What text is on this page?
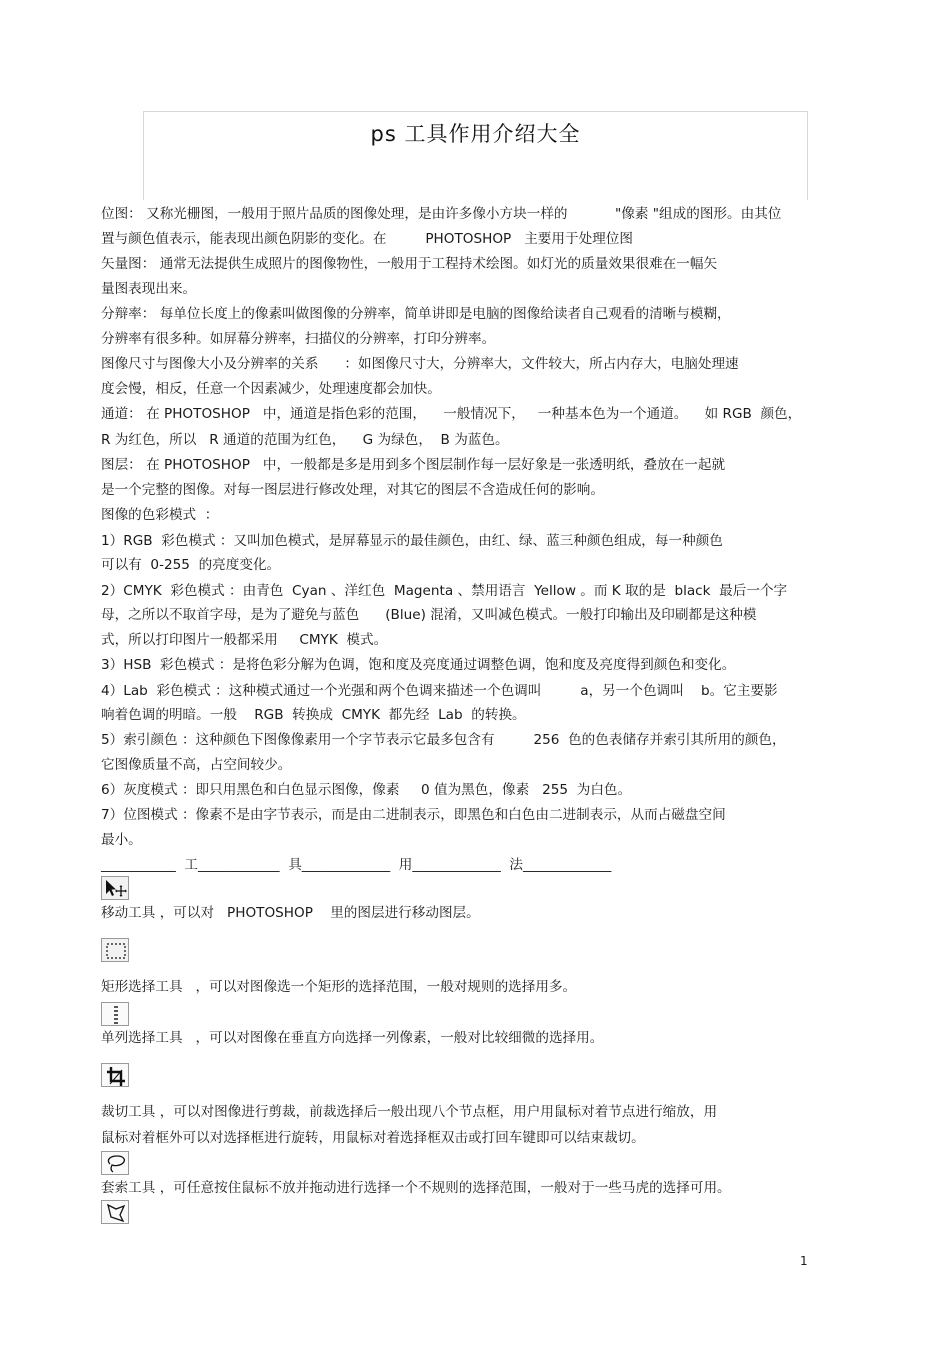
ps 工具作用介绍大全
位图： 又称光栅图，一般用于照片品质的图像处理，是由许多像小方块一样的           "像素 "组成的图形。由其位
置与颜色值表示，能表现出颜色阴影的变化。在         PHOTOSHOP   主要用于处理位图
矢量图： 通常无法提供生成照片的图像物性，一般用于工程持术绘图。如灯光的质量效果很难在一幅矢
量图表现出来。
分辩率： 每单位长度上的像素叫做图像的分辨率，简单讲即是电脑的图像给读者自己观看的清晰与模糊，
分辨率有很多种。如屏幕分辨率，扫描仪的分辨率，打印分辨率。
图像尺寸与图像大小及分辨率的关系      ：如图像尺寸大，分辨率大，文件较大，所占内存大，电脑处理速
度会慢，相反，任意一个因素减少，处理速度都会加快。
通道： 在 PHOTOSHOP   中，通道是指色彩的范围，    一般情况下，   一种基本色为一个通道。    如 RGB  颜色，
R 为红色，所以   R 通道的范围为红色，    G 为绿色，  B 为蓝色。
图层： 在 PHOTOSHOP   中，一般都是多是用到多个图层制作每一层好象是一张透明纸，叠放在一起就
是一个完整的图像。对每一图层进行修改处理，对其它的图层不含造成任何的影响。
图像的色彩模式  ：
1）RGB  彩色模式 ：又叫加色模式，是屏幕显示的最佳颜色，由红、绿、蓝三种颜色组成，每一种颜色
可以有  0-255  的亮度变化。
2）CMYK  彩色模式 ：由青色  Cyan 、洋红色  Magenta 、禁用语言  Yellow 。而 K 取的是  black  最后一个字
母，之所以不取首字母，是为了避免与蓝色      (Blue) 混淆，又叫减色模式。一般打印输出及印刷都是这种模
式，所以打印图片一般都采用     CMYK  模式。
3）HSB  彩色模式 ：是将色彩分解为色调，饱和度及亮度通过调整色调，饱和度及亮度得到颜色和变化。
4）Lab  彩色模式 ：这种模式通过一个光强和两个色调来描述一个色调叫         a，另一个色调叫    b。它主要影
响着色调的明暗。一般    RGB  转换成  CMYK  都先经  Lab  的转换。
5）索引颜色 ：这种颜色下图像像素用一个字节表示它最多包含有         256  色的色表储存并索引其所用的颜色，
它图像质量不高，占空间较少。
6）灰度模式 ：即只用黑色和白色显示图像，像素     0 值为黑色，像素   255  为白色。
7）位图模式 ：像素不是由字节表示，而是由二进制表示，即黑色和白色由二进制表示，从而占磁盘空间
最小。
___________  工____________  具_____________  用_____________  法_____________
移动工具 ，可以对   PHOTOSHOP    里的图层进行移动图层。
矩形选择工具   ，可以对图像选一个矩形的选择范围，一般对规则的选择用多。
单列选择工具   ，可以对图像在垂直方向选择一列像素，一般对比较细微的选择用。
裁切工具 ，可以对图像进行剪裁，前裁选择后一般出现八个节点框，用户用鼠标对着节点进行缩放，用
鼠标对着框外可以对选择框进行旋转，用鼠标对着选择框双击或打回车键即可以结束裁切。
套索工具 ，可任意按住鼠标不放并拖动进行选择一个不规则的选择范围，一般对于一些马虎的选择可用。
1
